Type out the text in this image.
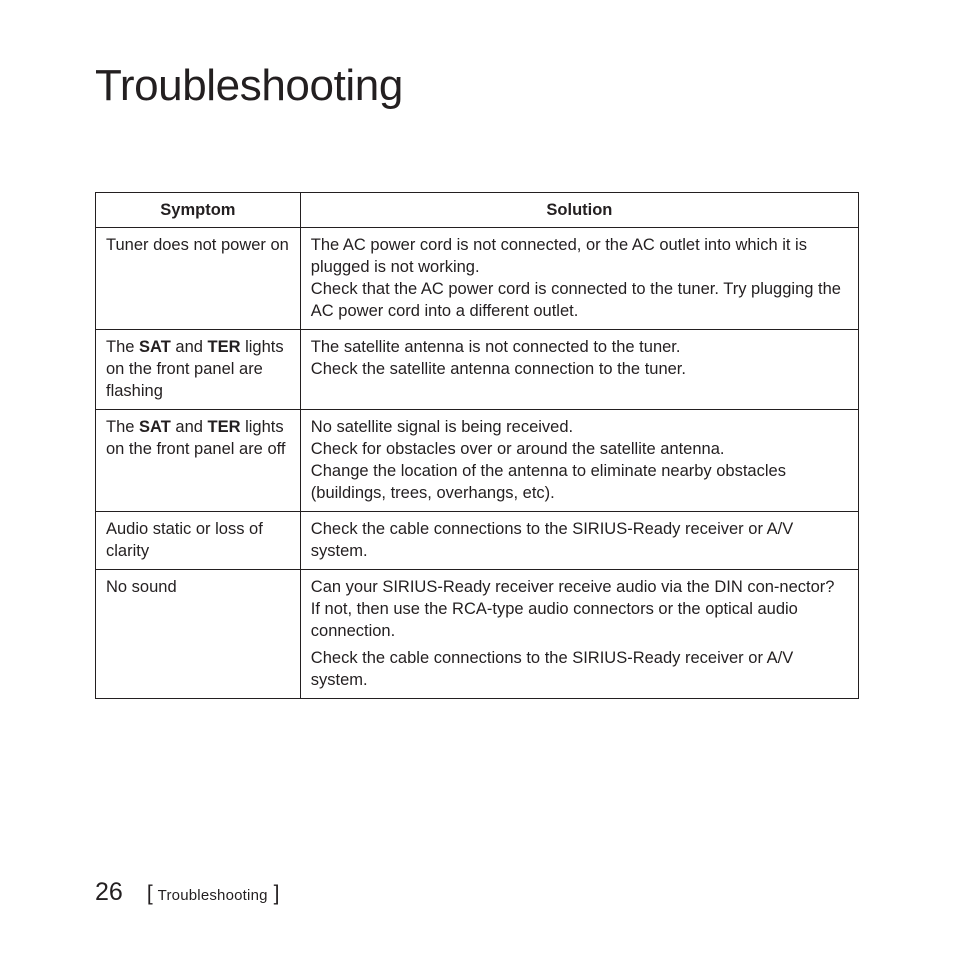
Troubleshooting
Symptom	Solution
Tuner does not power on	The AC power cord is not connected, or the AC outlet into which it is plugged is not working.
Check that the AC power cord is connected to the tuner. Try plugging the AC power cord into a different outlet.

The SAT and TER lights on the front panel are flashing	The satellite antenna is not connected to the tuner.
Check the satellite antenna connection to the tuner.

The SAT and TER lights on the front panel are off	No satellite signal is being received.
Check for obstacles over or around the satellite antenna.
Change the location of the antenna to eliminate nearby obstacles (buildings, trees, overhangs, etc).

Audio static or loss of clarity	Check the cable connections to the SIRIUS-Ready receiver or A/V system.

No sound	Can your SIRIUS-Ready receiver receive audio via the DIN con-nector? If not, then use the RCA-type audio connectors or the optical audio connection.
Check the cable connections to the SIRIUS-Ready receiver or A/V system.
26 [ Troubleshooting ]
